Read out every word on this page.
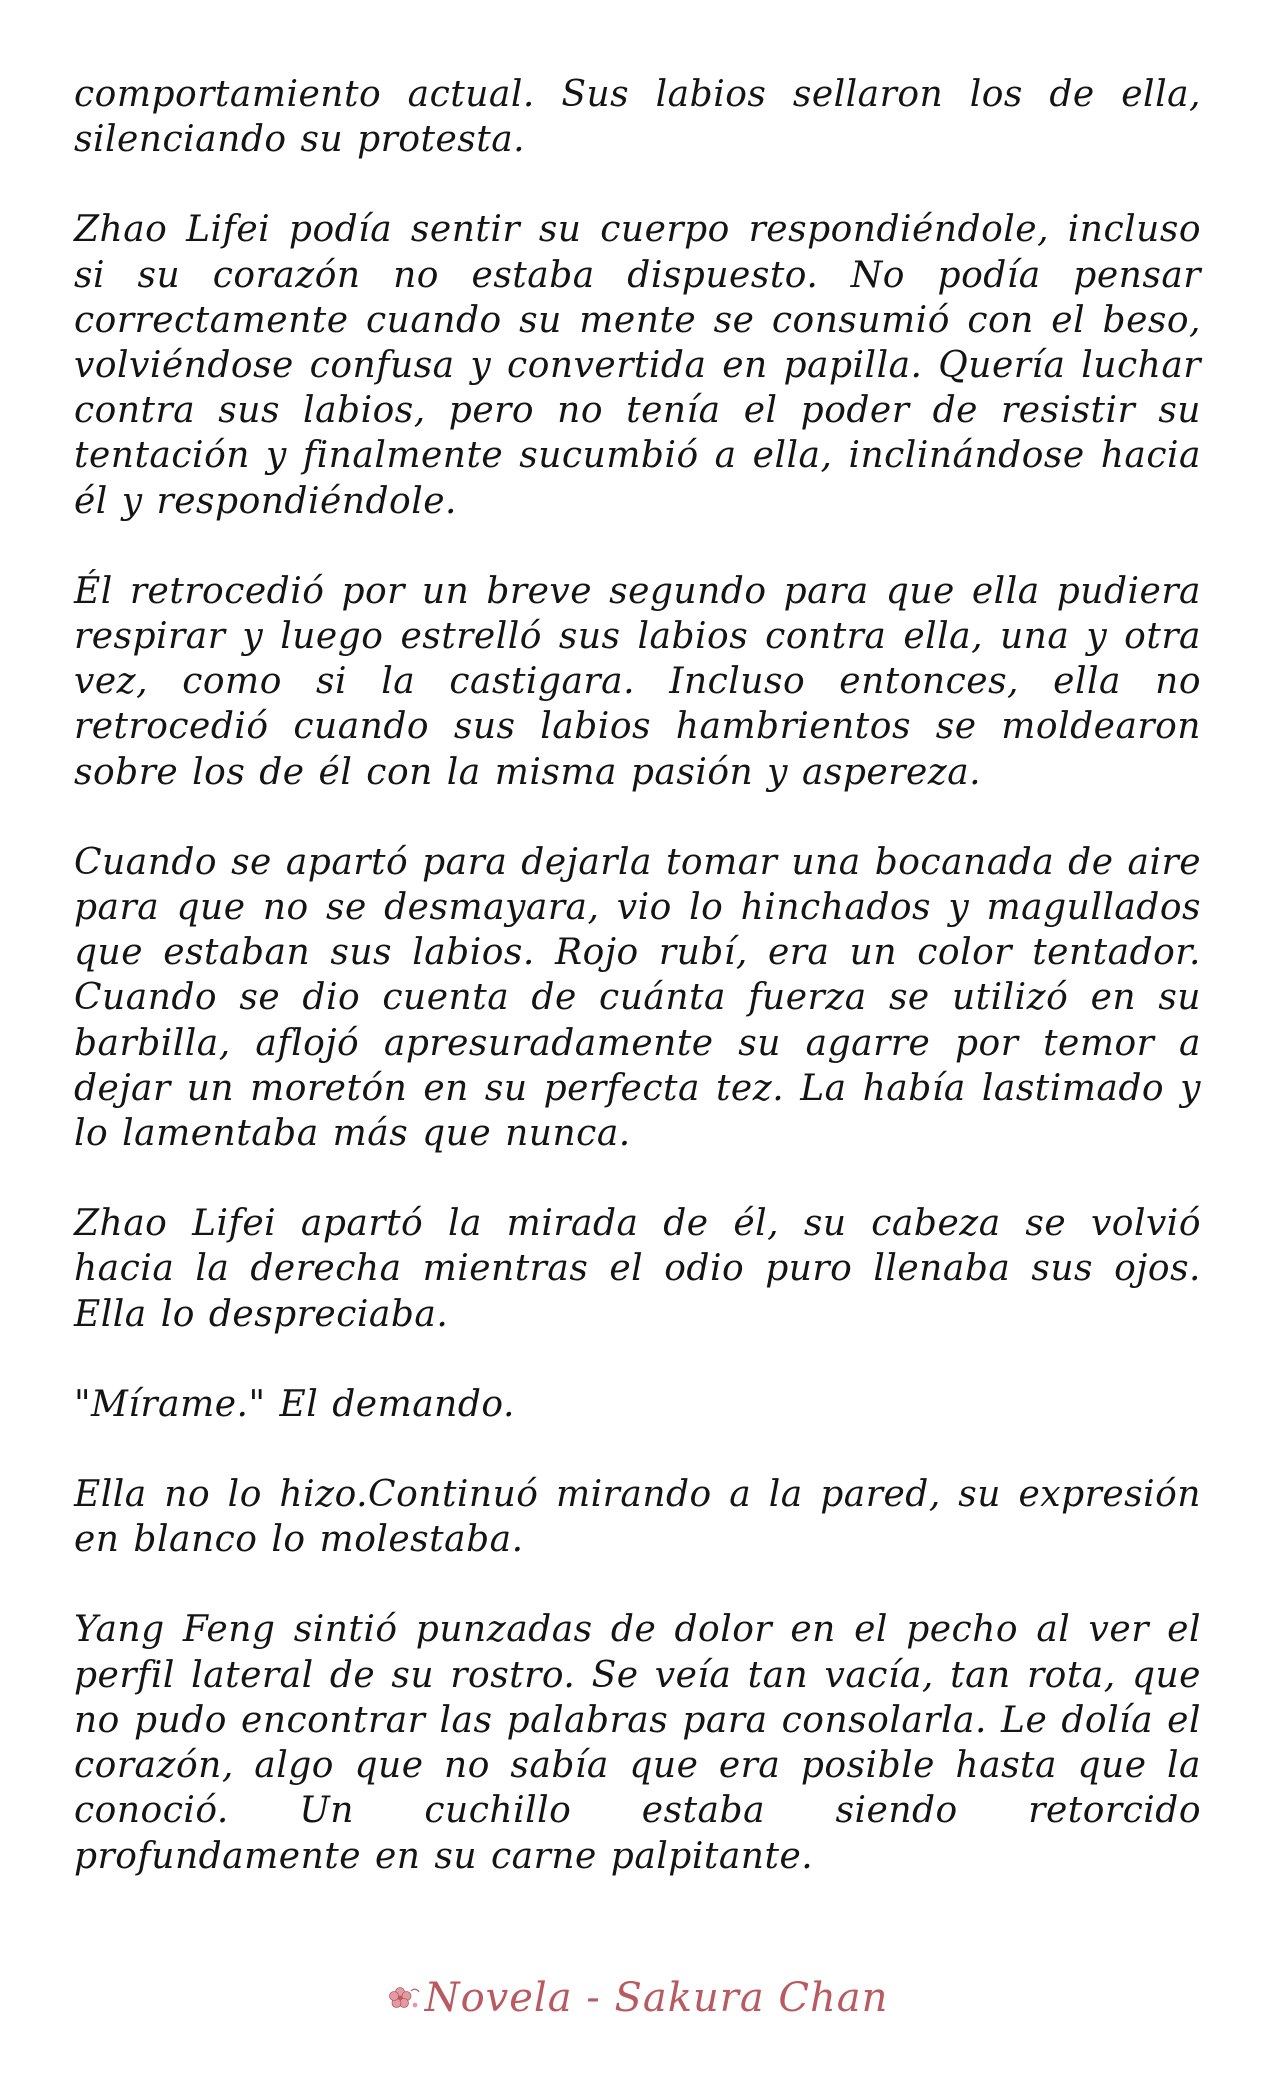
comportamiento actual. Sus labios sellaron los de ella, silenciando su protesta.

Zhao Lifei podía sentir su cuerpo respondiéndole, incluso si su corazón no estaba dispuesto. No podía pensar correctamente cuando su mente se consumió con el beso, volviéndose confusa y convertida en papilla. Quería luchar contra sus labios, pero no tenía el poder de resistir su tentación y finalmente sucumbió a ella, inclinándose hacia él y respondiéndole.

Él retrocedió por un breve segundo para que ella pudiera respirar y luego estrelló sus labios contra ella, una y otra vez, como si la castigara. Incluso entonces, ella no retrocedió cuando sus labios hambrientos se moldearon sobre los de él con la misma pasión y aspereza.

Cuando se apartó para dejarla tomar una bocanada de aire para que no se desmayara, vio lo hinchados y magullados que estaban sus labios. Rojo rubí, era un color tentador. Cuando se dio cuenta de cuánta fuerza se utilizó en su barbilla, aflojó apresuradamente su agarre por temor a dejar un moretón en su perfecta tez. La había lastimado y lo lamentaba más que nunca.

Zhao Lifei apartó la mirada de él, su cabeza se volvió hacia la derecha mientras el odio puro llenaba sus ojos. Ella lo despreciaba.

"Mírame." El demando.

Ella no lo hizo.Continuó mirando a la pared, su expresión en blanco lo molestaba.

Yang Feng sintió punzadas de dolor en el pecho al ver el perfil lateral de su rostro. Se veía tan vacía, tan rota, que no pudo encontrar las palabras para consolarla. Le dolía el corazón, algo que no sabía que era posible hasta que la conoció. Un cuchillo estaba siendo retorcido profundamente en su carne palpitante.

Novela - Sakura Chan
